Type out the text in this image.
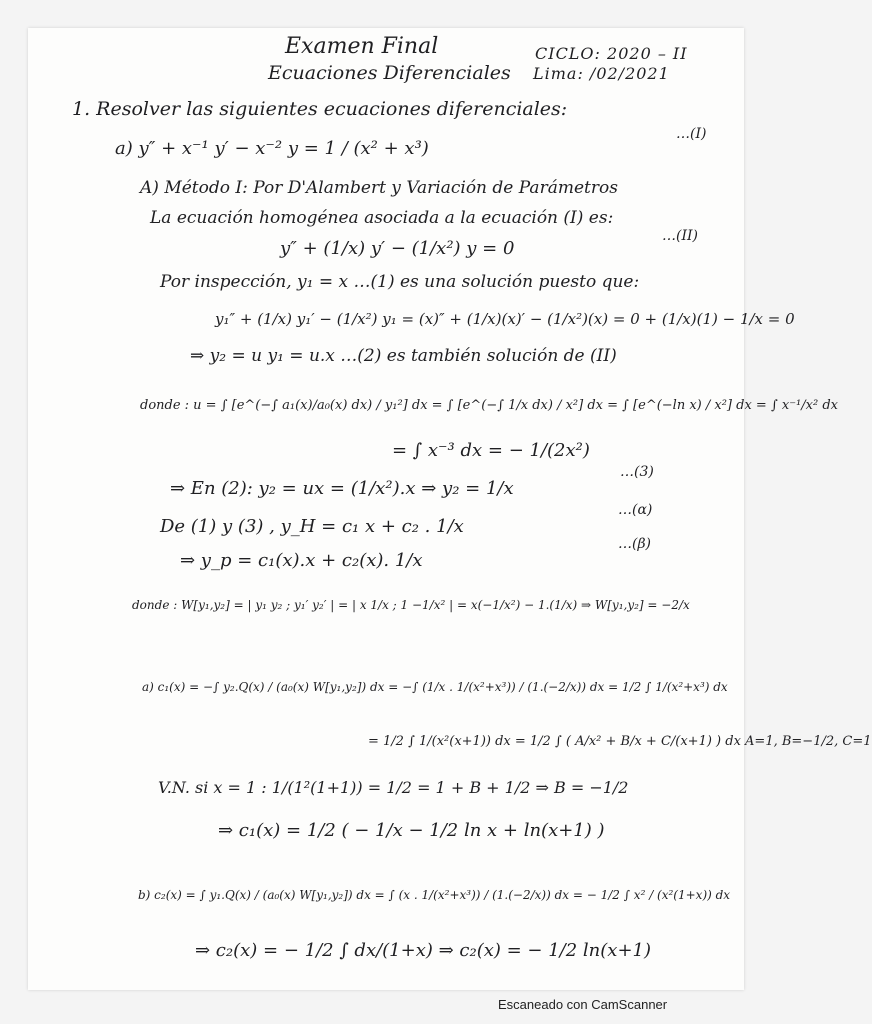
Examen Final
Ecuaciones Diferenciales
CICLO: 2020 – II
Lima: /02/2021
1. Resolver las siguientes ecuaciones diferenciales:
a) y″ + x⁻¹ y′ − x⁻² y = 1 / (x² + x³)
…(I)
A) Método I: Por D'Alambert y Variación de Parámetros
La ecuación homogénea asociada a la ecuación (I) es:
y″ + (1/x) y′ − (1/x²) y = 0
…(II)
Por inspección, y₁ = x …(1) es una solución puesto que:
y₁″ + (1/x) y₁′ − (1/x²) y₁ = (x)″ + (1/x)(x)′ − (1/x²)(x) = 0 + (1/x)(1) − 1/x = 0
⇒ y₂ = u y₁ = u.x …(2) es también solución de (II)
donde : u = ∫ [e^(−∫ a₁(x)/a₀(x) dx) / y₁²] dx = ∫ [e^(−∫ 1/x dx) / x²] dx = ∫ [e^(−ln x) / x²] dx = ∫ x⁻¹/x² dx
= ∫ x⁻³ dx = − 1/(2x²)
⇒ En (2): y₂ = ux = (1/x²).x ⇒ y₂ = 1/x
…(3)
De (1) y (3) , y_H = c₁ x + c₂ . 1/x
…(α)
⇒ y_p = c₁(x).x + c₂(x). 1/x
…(β)
donde : W[y₁,y₂] = | y₁ y₂ ; y₁′ y₂′ | = | x 1/x ; 1 −1/x² | = x(−1/x²) − 1.(1/x) ⇒ W[y₁,y₂] = −2/x
a) c₁(x) = −∫ y₂.Q(x) / (a₀(x) W[y₁,y₂]) dx = −∫ (1/x . 1/(x²+x³)) / (1.(−2/x)) dx = 1/2 ∫ 1/(x²+x³) dx
= 1/2 ∫ 1/(x²(x+1)) dx = 1/2 ∫ ( A/x² + B/x + C/(x+1) ) dx A=1, B=−1/2, C=1
V.N. si x = 1 : 1/(1²(1+1)) = 1/2 = 1 + B + 1/2 ⇒ B = −1/2
⇒ c₁(x) = 1/2 ( − 1/x − 1/2 ln x + ln(x+1) )
b) c₂(x) = ∫ y₁.Q(x) / (a₀(x) W[y₁,y₂]) dx = ∫ (x . 1/(x²+x³)) / (1.(−2/x)) dx = − 1/2 ∫ x² / (x²(1+x)) dx
⇒ c₂(x) = − 1/2 ∫ dx/(1+x) ⇒ c₂(x) = − 1/2 ln(x+1)
Escaneado con CamScanner
